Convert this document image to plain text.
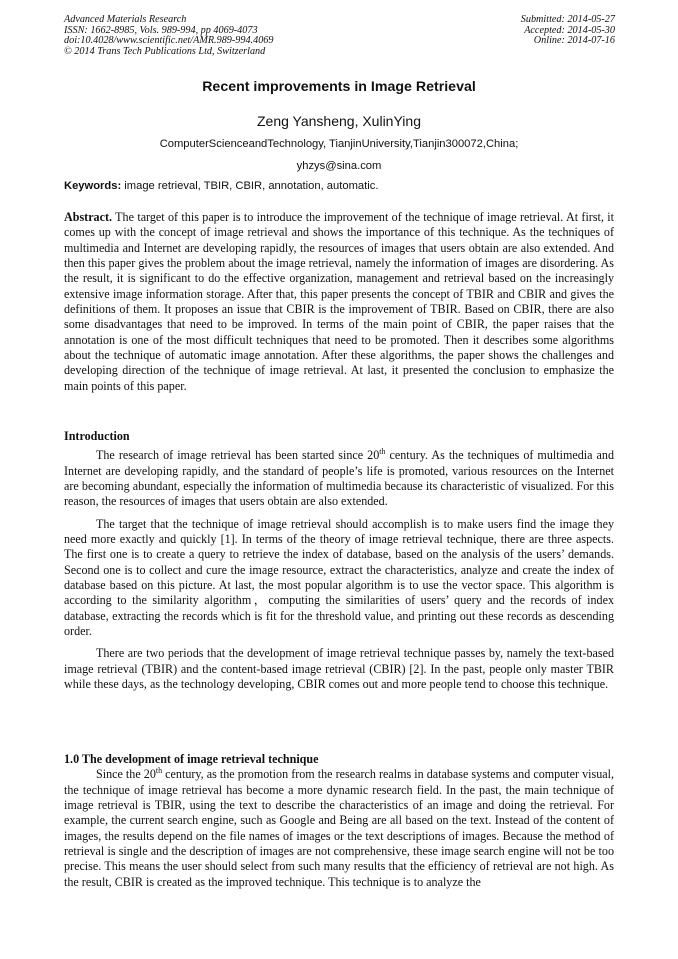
Advanced Materials Research
ISSN: 1662-8985, Vols. 989-994, pp 4069-4073
doi:10.4028/www.scientific.net/AMR.989-994.4069
© 2014 Trans Tech Publications Ltd, Switzerland
Submitted: 2014-05-27
Accepted: 2014-05-30
Online: 2014-07-16
Recent improvements in Image Retrieval
Zeng Yansheng, XulinYing
ComputerScienceandTechnology, TianjinUniversity,Tianjin300072,China;
yhzys@sina.com
Keywords: image retrieval, TBIR, CBIR, annotation, automatic.

Abstract. The target of this paper is to introduce the improvement of the technique of image retrieval. At first, it comes up with the concept of image retrieval and shows the importance of this technique. As the techniques of multimedia and Internet are developing rapidly, the resources of images that users obtain are also extended. And then this paper gives the problem about the image retrieval, namely the information of images are disordering. As the result, it is significant to do the effective organization, management and retrieval based on the increasingly extensive image information storage. After that, this paper presents the concept of TBIR and CBIR and gives the definitions of them. It proposes an issue that CBIR is the improvement of TBIR. Based on CBIR, there are also some disadvantages that need to be improved. In terms of the main point of CBIR, the paper raises that the annotation is one of the most difficult techniques that need to be promoted. Then it describes some algorithms about the technique of automatic image annotation. After these algorithms, the paper shows the challenges and developing direction of the technique of image retrieval. At last, it presented the conclusion to emphasize the main points of this paper.

Introduction

The research of image retrieval has been started since 20th century. As the techniques of multimedia and Internet are developing rapidly, and the standard of people’s life is promoted, various resources on the Internet are becoming abundant, especially the information of multimedia because its characteristic of visualized. For this reason, the resources of images that users obtain are also extended.

The target that the technique of image retrieval should accomplish is to make users find the image they need more exactly and quickly [1]. In terms of the theory of image retrieval technique, there are three aspects. The first one is to create a query to retrieve the index of database, based on the analysis of the users’ demands. Second one is to collect and cure the image resource, extract the characteristics, analyze and create the index of database based on this picture. At last, the most popular algorithm is to use the vector space. This algorithm is according to the similarity algorithm，computing the similarities of users’ query and the records of index database, extracting the records which is fit for the threshold value, and printing out these records as descending order.

There are two periods that the development of image retrieval technique passes by, namely the text-based image retrieval (TBIR) and the content-based image retrieval (CBIR) [2]. In the past, people only master TBIR while these days, as the technology developing, CBIR comes out and more people tend to choose this technique.

1.0 The development of image retrieval technique

Since the 20th century, as the promotion from the research realms in database systems and computer visual, the technique of image retrieval has become a more dynamic research field. In the past, the main technique of image retrieval is TBIR, using the text to describe the characteristics of an image and doing the retrieval. For example, the current search engine, such as Google and Being are all based on the text. Instead of the content of images, the results depend on the file names of images or the text descriptions of images. Because the method of retrieval is single and the description of images are not comprehensive, these image search engine will not be too precise. This means the user should select from such many results that the efficiency of retrieval are not high. As the result, CBIR is created as the improved technique. This technique is to analyze the
